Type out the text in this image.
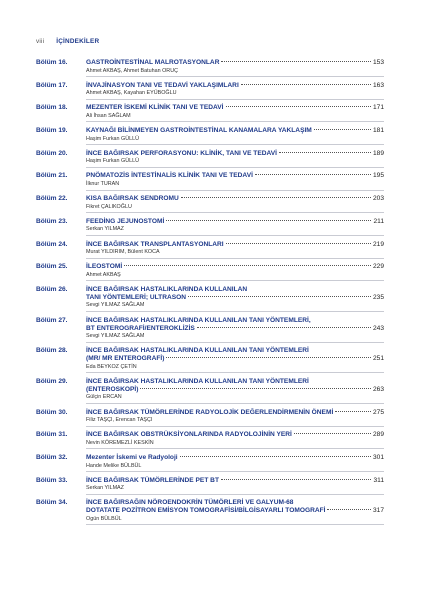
viii İÇİNDEKİLER
Bölüm 16.	GASTROİNTESTİNAL MALROTASYONLAR	153
Ahmet AKBAŞ, Ahmet Batuhan ORUÇ
Bölüm 17.	İNVAJİNASYON TANI VE TEDAVİ YAKLAŞIMLARI	163
Ahmet AKBAŞ, Kayahan EYÜBOĞLU
Bölüm 18.	MEZENTER İSKEMİ KLİNİK TANI VE TEDAVİ	171
Ali İhsan SAĞLAM
Bölüm 19.	KAYNAĞI BİLİNMEYEN GASTROİNTESTİNAL KANAMALARA YAKLAŞIM	181
Haşim Furkan GÜLLÜ
Bölüm 20.	İNCE BAĞIRSAK PERFORASYONU: KLİNİK, TANI VE TEDAVİ	189
Haşim Furkan GÜLLÜ
Bölüm 21.	PNÖMATOZİS İNTESTİNALİS KLİNİK TANI VE TEDAVİ	195
İlknur TURAN
Bölüm 22.	KISA BAĞIRSAK SENDROMU	203
Fikret ÇALIKOĞLU
Bölüm 23.	FEEDİNG JEJUNOSTOMİ	211
Serkan YILMAZ
Bölüm 24.	İNCE BAĞIRSAK TRANSPLANTASYONLARI	219
Murat YILDIRIM, Bülent KOCA
Bölüm 25.	İLEOSTOMİ	229
Ahmet AKBAŞ
Bölüm 26.	İNCE BAĞIRSAK HASTALIKLARINDA KULLANILAN
TANI YÖNTEMLERİ; ULTRASON	235
Sevgi YILMAZ SAĞLAM
Bölüm 27.	İNCE BAĞIRSAK HASTALIKLARINDA KULLANILAN TANI YÖNTEMLERİ,
BT ENTEROGRAFİ/ENTEROKLİZİS	243
Sevgi YILMAZ SAĞLAM
Bölüm 28.	İNCE BAĞIRSAK HASTALIKLARINDA KULLANILAN TANI YÖNTEMLERİ
(MR/ MR ENTEROGRAFİ)	251
Eda BEYKOZ ÇETİN
Bölüm 29.	İNCE BAĞIRSAK HASTALIKLARINDA KULLANILAN TANI YÖNTEMLERİ
(ENTEROSKOPİ)	263
Gülçin ERCAN
Bölüm 30.	İNCE BAĞIRSAK TÜMÖRLERİNDE RADYOLOJİK DEĞERLENDİRMENİN ÖNEMİ	275
Filiz TAŞÇI, Erencan TAŞÇI
Bölüm 31.	İNCE BAĞIRSAK OBSTRÜKSİYONLARINDA RADYOLOJİNİN YERİ	289
Nevin KÖREMEZLİ KESKİN
Bölüm 32.	Mezenter İskemi ve Radyoloji	301
Hande Melike BÜLBÜL
Bölüm 33.	İNCE BAĞIRSAK TÜMÖRLERİNDE PET BT	311
Serkan YILMAZ
Bölüm 34.	İNCE BAĞIRSAĞIN NÖROENDOKRİN TÜMÖRLERİ VE GALYUM-68
DOTATATE POZİTRON EMİSYON TOMOGRAFİSİ/BİLGİSAYARLI TOMOGRAFİ	317
Ogün BÜLBÜL
